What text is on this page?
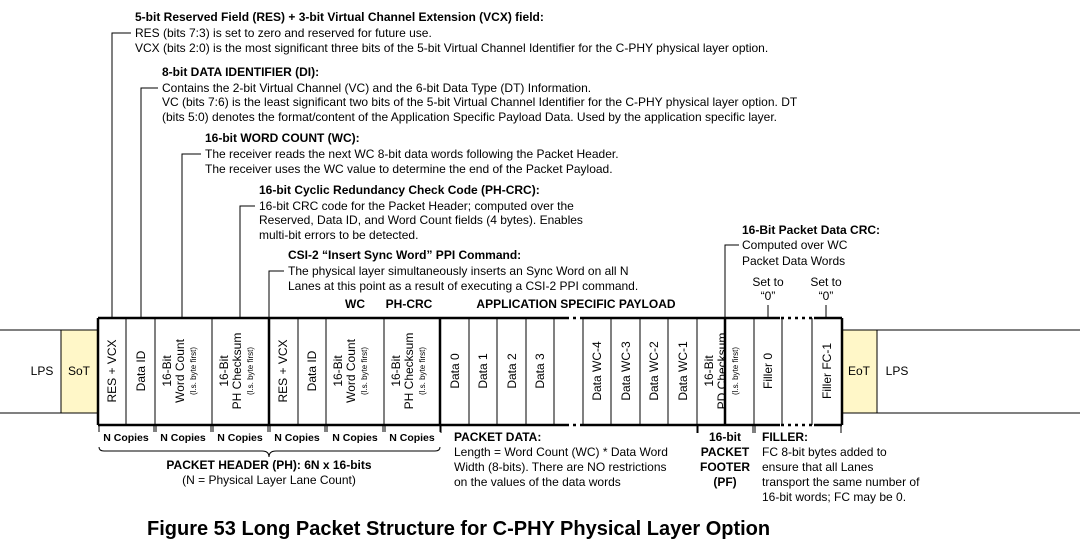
5-bit Reserved Field (RES) + 3-bit Virtual Channel Extension (VCX) field:
RES (bits 7:3) is set to zero and reserved for future use.
VCX (bits 2:0) is the most significant three bits of the 5-bit Virtual Channel Identifier for the C-PHY physical layer option.
8-bit DATA IDENTIFIER (DI):
Contains the 2-bit Virtual Channel (VC) and the 6-bit Data Type (DT) Information.
VC (bits 7:6) is the least significant two bits of the 5-bit Virtual Channel Identifier for the C-PHY physical layer option. DT
(bits 5:0) denotes the format/content of the Application Specific Payload Data. Used by the application specific layer.
16-bit WORD COUNT (WC):
The receiver reads the next WC 8-bit data words following the Packet Header.
The receiver uses the WC value to determine the end of the Packet Payload.
16-bit Cyclic Redundancy Check Code (PH-CRC):
16-bit CRC code for the Packet Header; computed over the
Reserved, Data ID, and Word Count fields (4 bytes). Enables
multi-bit errors to be detected.
CSI-2 “Insert Sync Word” PPI Command:
The physical layer simultaneously inserts an Sync Word on all N
Lanes at this point as a result of executing a CSI-2 PPI command.
16-Bit Packet Data CRC:
Computed over WC
Packet Data Words
Set to
“0”
Set to
“0”
WC PH-CRC	APPLICATION SPECIFIC PAYLOAD
LPS SoT	EoT LPS
RES + VCX Data ID 16-Bit Word Count (l.s. byte first) 16-Bit PH Checksum (l.s. byte first) RES + VCX Data ID 16-Bit Word Count (l.s. byte first) 16-Bit PH Checksum (l.s. byte first) Data 0 Data 1 Data 2 Data 3	Data WC-4 Data WC-3 Data WC-2 Data WC-1 16-Bit PD Checksum (l.s. byte first) Filler 0	Filler FC-1
N Copies N Copies N Copies N Copies N Copies N Copies
PACKET HEADER (PH): 6N x 16-bits
(N = Physical Layer Lane Count)
PACKET DATA:
Length = Word Count (WC) * Data Word
Width (8-bits). There are NO restrictions
on the values of the data words
16-bit
PACKET
FOOTER
(PF)
FILLER:
FC 8-bit bytes added to
ensure that all Lanes
transport the same number of
16-bit words; FC may be 0.
Figure 53 Long Packet Structure for C-PHY Physical Layer Option
